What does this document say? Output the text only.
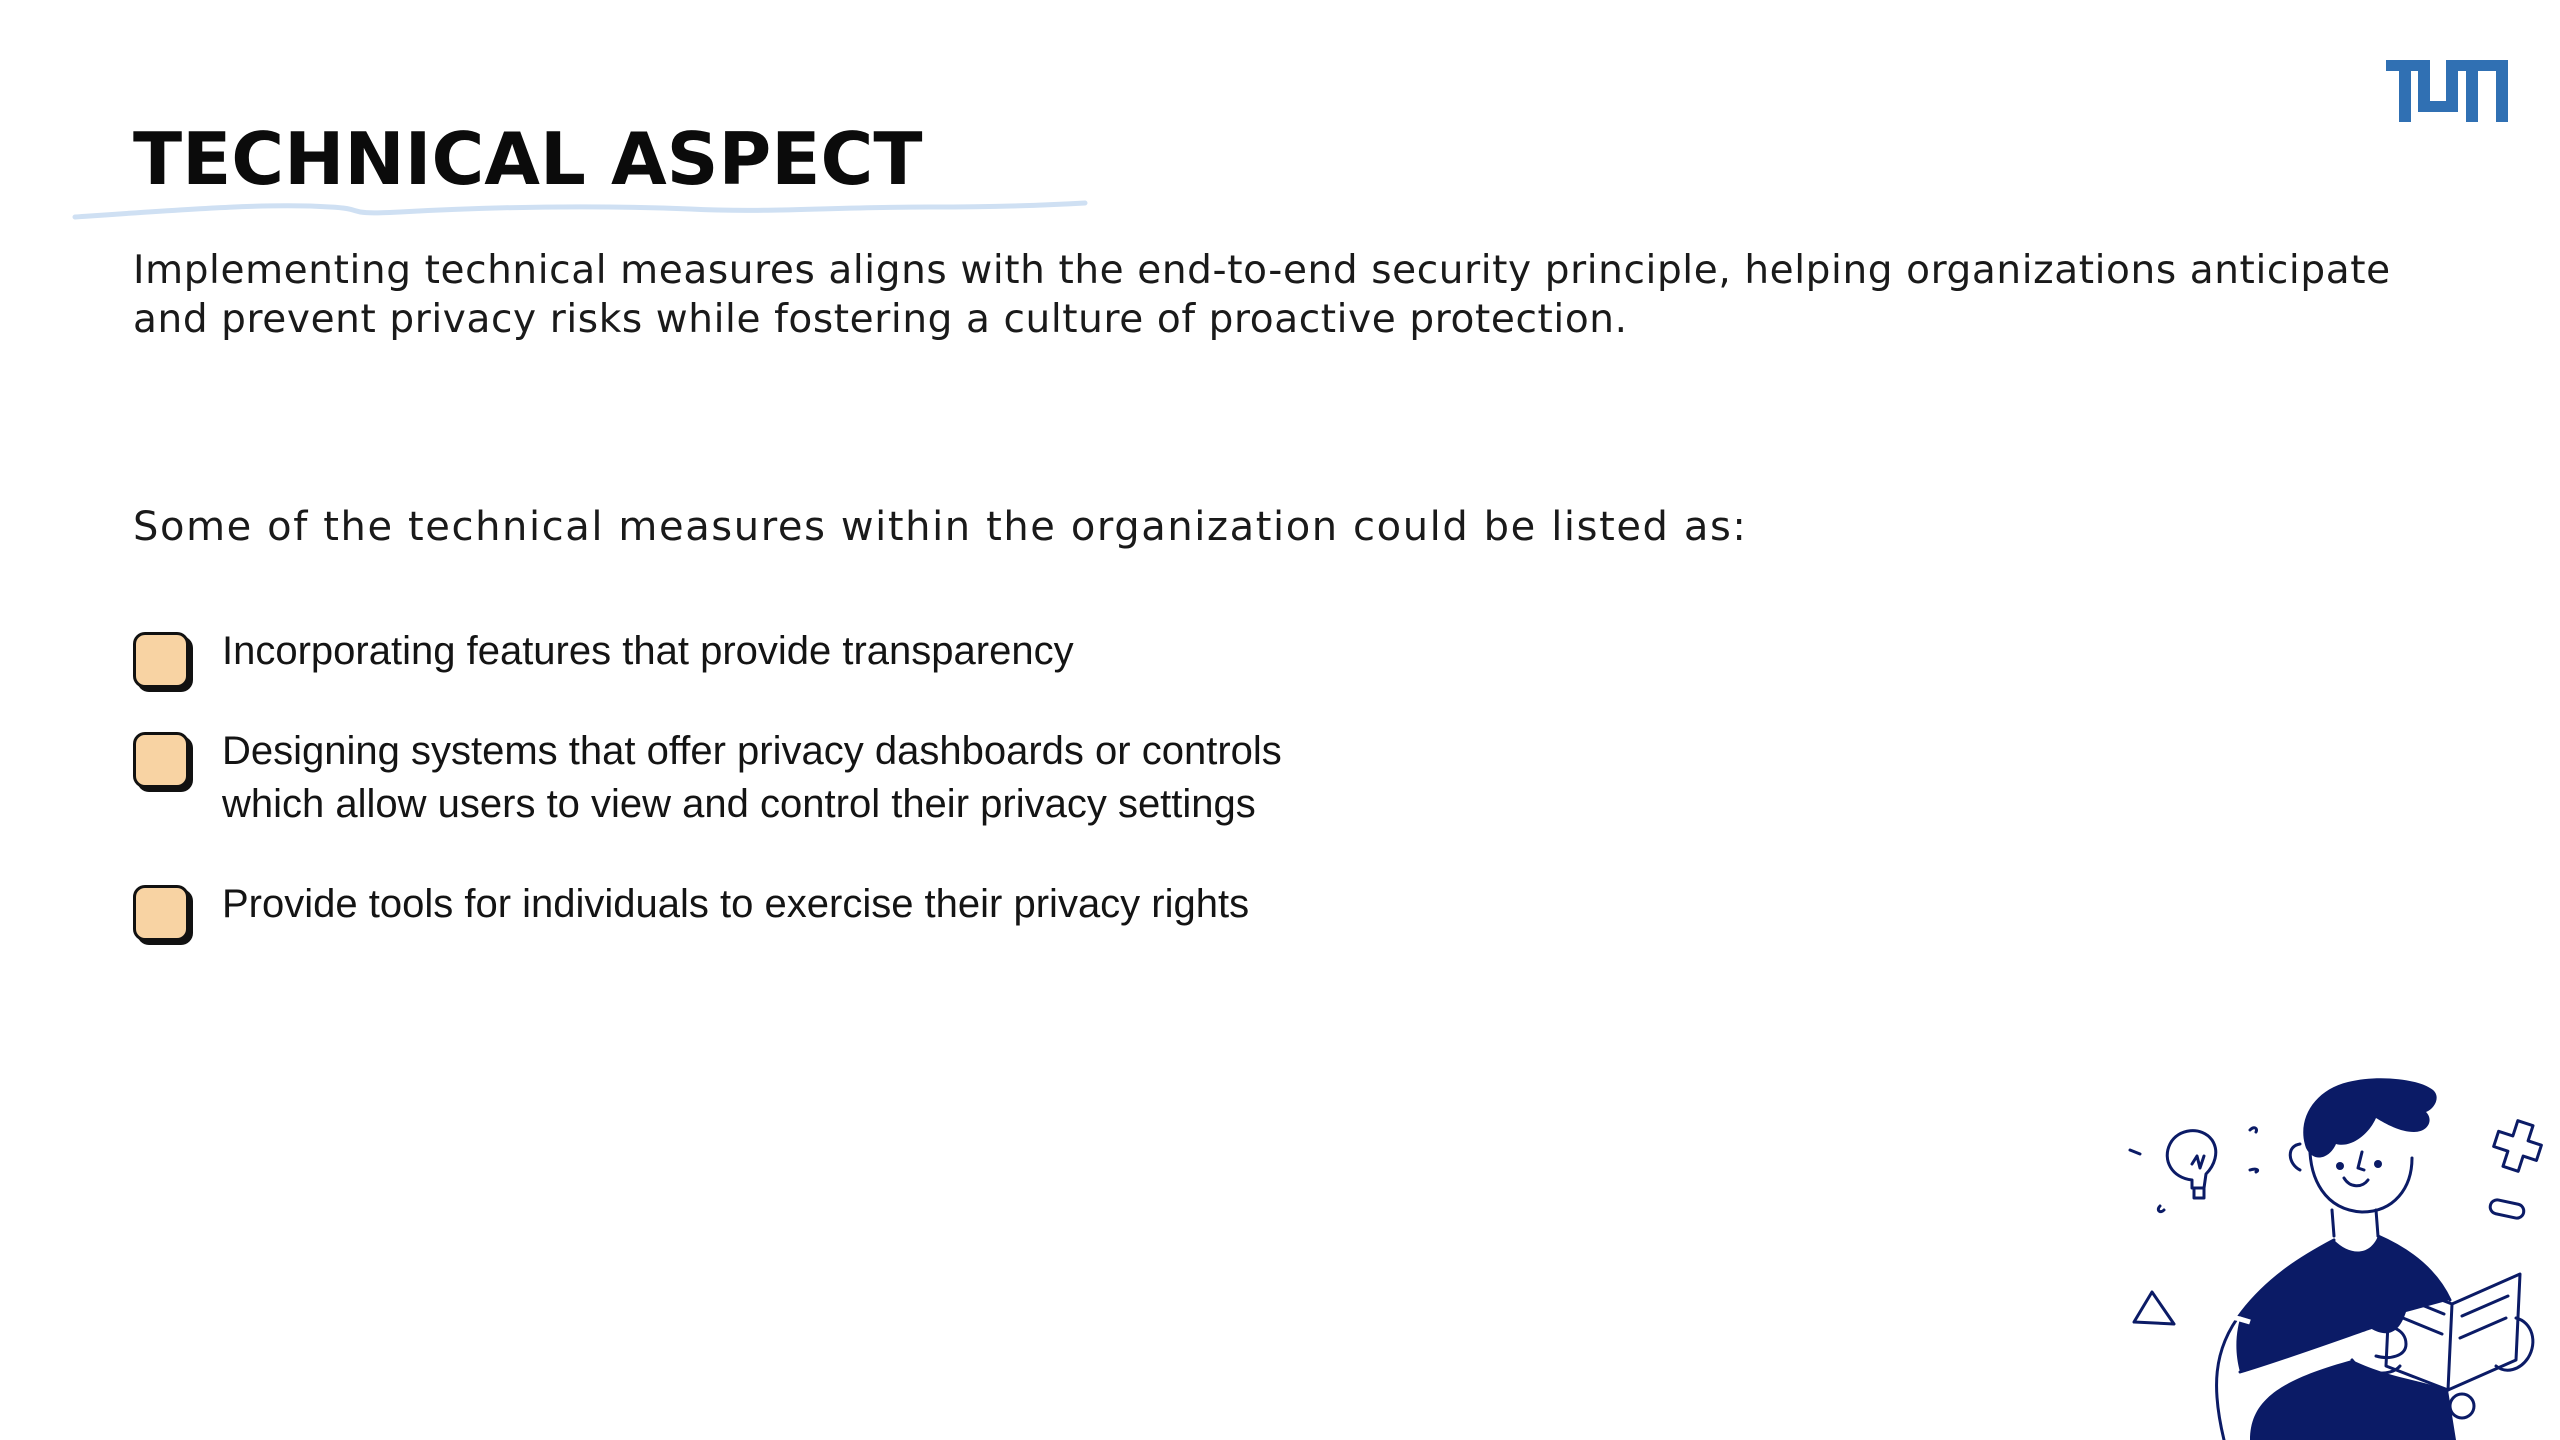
TECHNICAL ASPECT

Implementing technical measures aligns with the end-to-end security principle, helping organizations anticipate and prevent privacy risks while fostering a culture of proactive protection.

Some of the technical measures within the organization could be listed as:

Incorporating features that provide transparency
Designing systems that offer privacy dashboards or controls which allow users to view and control their privacy settings
Provide tools for individuals to exercise their privacy rights
